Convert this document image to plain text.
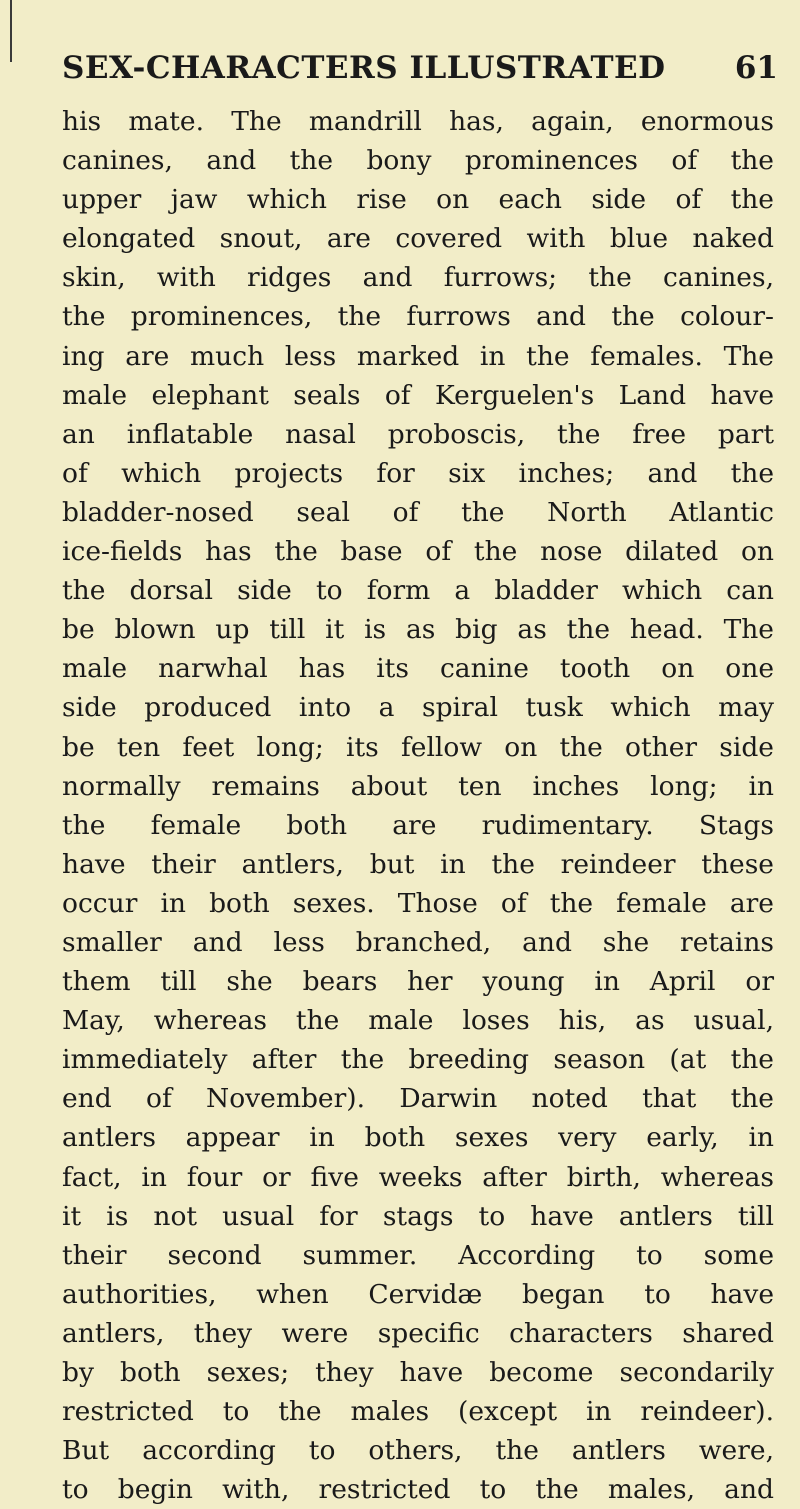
SEX-CHARACTERS ILLUSTRATED 61
his mate. The mandrill has, again, enormous
canines, and the bony prominences of the
upper jaw which rise on each side of the
elongated snout, are covered with blue naked
skin, with ridges and furrows; the canines,
the prominences, the furrows and the colour-
ing are much less marked in the females. The
male elephant seals of Kerguelen's Land have
an inflatable nasal proboscis, the free part
of which projects for six inches; and the
bladder-nosed seal of the North Atlantic
ice-fields has the base of the nose dilated on
the dorsal side to form a bladder which can
be blown up till it is as big as the head. The
male narwhal has its canine tooth on one
side produced into a spiral tusk which may
be ten feet long; its fellow on the other side
normally remains about ten inches long; in
the female both are rudimentary. Stags
have their antlers, but in the reindeer these
occur in both sexes. Those of the female are
smaller and less branched, and she retains
them till she bears her young in April or
May, whereas the male loses his, as usual,
immediately after the breeding season (at the
end of November). Darwin noted that the
antlers appear in both sexes very early, in
fact, in four or five weeks after birth, whereas
it is not usual for stags to have antlers till
their second summer. According to some
authorities, when Cervidæ began to have
antlers, they were specific characters shared
by both sexes; they have become secondarily
restricted to the males (except in reindeer).
But according to others, the antlers were,
to begin with, restricted to the males, and
